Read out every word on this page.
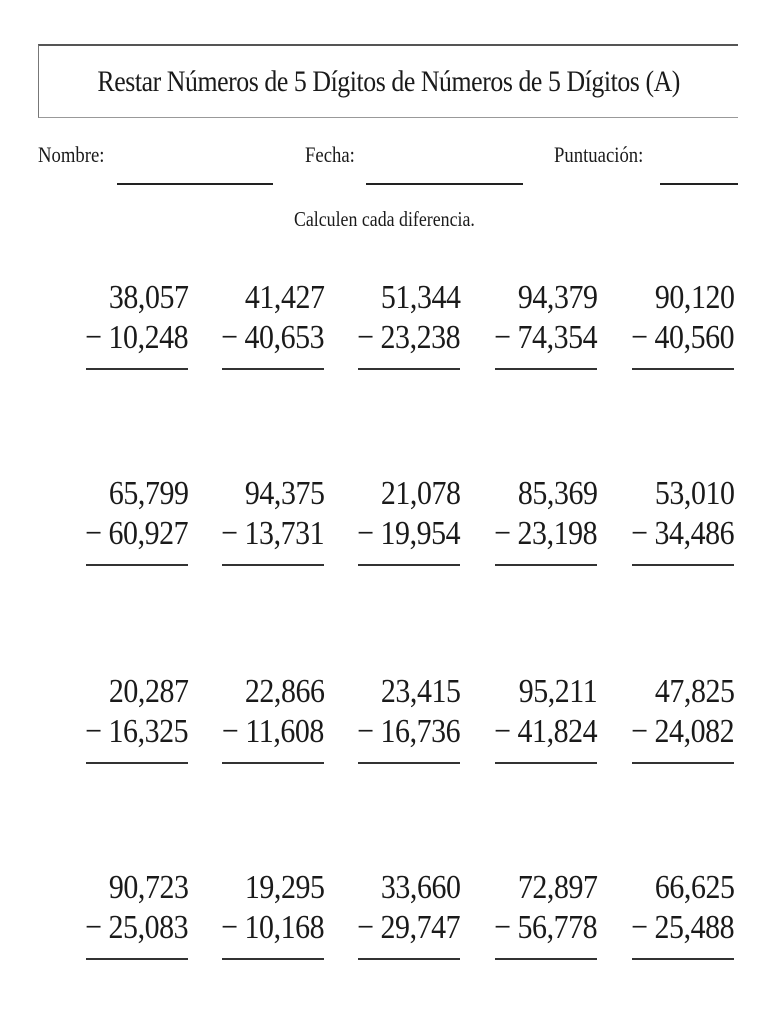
Restar Números de 5 Dígitos de Números de 5 Dígitos (A)
Nombre:	Fecha:	Puntuación:
Calculen cada diferencia.
38,057
− 10,248
41,427
− 40,653
51,344
− 23,238
94,379
− 74,354
90,120
− 40,560
65,799
− 60,927
94,375
− 13,731
21,078
− 19,954
85,369
− 23,198
53,010
− 34,486
20,287
− 16,325
22,866
− 11,608
23,415
− 16,736
95,211
− 41,824
47,825
− 24,082
90,723
− 25,083
19,295
− 10,168
33,660
− 29,747
72,897
− 56,778
66,625
− 25,488
